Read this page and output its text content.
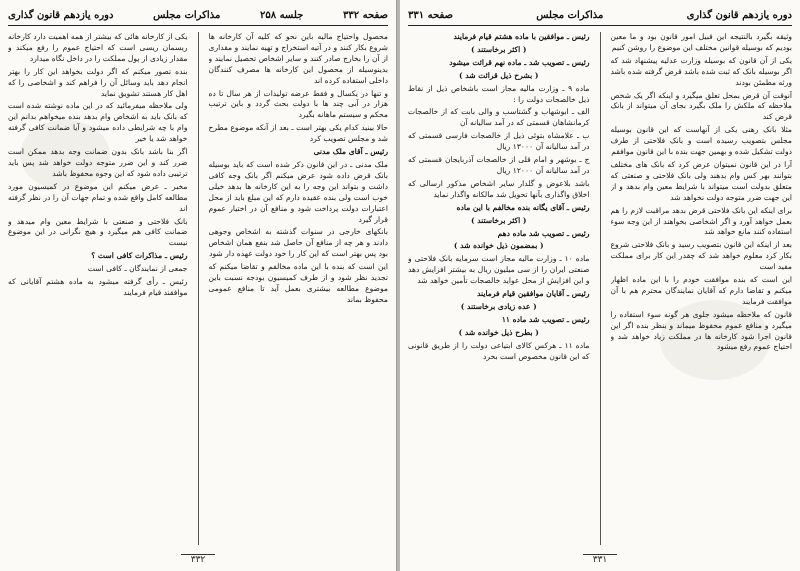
صفحه ۳۳۲
جلسه ۲۵۸
مذاکرات مجلس
دوره یازدهم قانون گذاری

محصول واحتیاج مالیه باین نحو که کلیه آن کارخانه ها شروع بکار کنند و در آتیه استخراج و تهیه نمایند و مقداری از آن را بخارج صادر کنند و سایر اشخاص تحصیل نمایند و بدینوسیله از محصول این کارخانه ها مصرف کنندگان داخلی استفاده کرده اند

و تنها در یکسال و فقط عرضه تولیدات از هر سال تا ده هزار در آبی چند ها با دولت بحث گردد و باین ترتیب محکم و سیستم ماهانه بگیرد

حالا بینید کدام یکی بهتر است ـ بعد از آنکه موضوع مطرح شد و مجلس تصویب کرد

رئیس ـ آقای ملک مدنی

ملک مدنی ـ در این قانون ذکر شده است که باید بوسیله بانک قرض داده شود عرض میکنم اگر بانک وجه کافی داشت و بتواند این وجه را به این کارخانه ها بدهد خیلی خوب است ولی بنده عقیده دارم که این مبلغ باید از محل اعتبارات دولت پرداخت شود و منافع آن در اختیار عموم قرار گیرد

بانکهای خارجی در سنوات گذشته به اشخاص وجوهی دادند و هر چه از منافع آن حاصل شد بنفع همان اشخاص بود پس بهتر است که این کار را خود دولت عهده دار شود

این است که بنده با این ماده مخالفم و تقاضا میکنم که تجدید نظر شود و از طرف کمیسیون بودجه نسبت باین موضوع مطالعه بیشتری بعمل آید تا منافع عمومی محفوظ بماند

یکی از کارخانه هائی که بیشتر از همه اهمیت دارد کارخانه ریسمان ریسی است که احتیاج عموم را رفع میکند و مقدار زیادی از پول مملکت را در داخل نگاه میدارد

بنده تصور میکنم که اگر دولت بخواهد این کار را بهتر انجام دهد باید وسائل آن را فراهم کند و اشخاصی را که اهل کار هستند تشویق نماید

ولی ملاحظه میفرمائید که در این ماده نوشته شده است که بانک باید به اشخاص وام بدهد بنده میخواهم بدانم این وام با چه شرایطی داده میشود و آیا ضمانت کافی گرفته خواهد شد یا خیر

اگر بنا باشد بانک بدون ضمانت وجه بدهد ممکن است ضرر کند و این ضرر متوجه دولت خواهد شد پس باید ترتیبی داده شود که این وجوه محفوظ باشد

مخبر ـ عرض میکنم این موضوع در کمیسیون مورد مطالعه کامل واقع شده و تمام جهات آن را در نظر گرفته اند

بانک فلاحتی و صنعتی با شرایط معین وام میدهد و ضمانت کافی هم میگیرد و هیچ نگرانی در این موضوع نیست

رئیس ـ مذاکرات کافی است ؟

جمعی از نمایندگان ـ کافی است

رئیس ـ رأی گرفته میشود به ماده هشتم آقایانی که موافقند قیام فرمایند

۳۳۲
دوره یازدهم قانون گذاری
مذاکرات مجلس
صفحه ۳۳۱

وثیقه بگیرد بالنتیجه این قبیل امور قانون بود و ما معین بودیم که بوسیله قوانین مختلف این موضوع را روشن کنیم

یکی از آن قانون که بوسیله وزارت عدلیه پیشنهاد شد که اگر بوسیله بانک که ثبت شده باشد قرض گرفته شده باشد ورثه مطمئن بودند

آنوقت آن قرض بمحل تعلق میگیرد و اینکه اگر یک شخص ملاحظه که ملکش را ملک بگیرد بجای آن میتواند از بانک قرض کند

مثلا بانک رهنی یکی از آنهاست که این قانون بوسیله مجلس بتصویب رسیده است و بانک فلاحتی از طرف دولت تشکیل شده و بهمین جهت بنده با این قانون موافقم

آرا در این قانون نمیتوان عرض کرد که بانک های مختلف بتوانند بهر کس وام بدهند ولی بانک فلاحتی و صنعتی که متعلق بدولت است میتواند با شرایط معین وام بدهد و از این جهت ضرر متوجه دولت نخواهد شد

برای اینکه این بانک فلاحتی قرض بدهد مراقبت لازم را هم بعمل خواهد آورد و اگر اشخاصی بخواهند از این وجه سوء استفاده کنند مانع خواهد شد

بعد از اینکه این قانون بتصویب رسید و بانک فلاحتی شروع بکار کرد معلوم خواهد شد که چقدر این کار برای مملکت مفید است

این است که بنده موافقت خودم را با این ماده اظهار میکنم و تقاضا دارم که آقایان نمایندگان محترم هم با آن موافقت فرمایند

قانون که ملاحظه میشود جلوی هر گونه سوء استفاده را میگیرد و منافع عموم محفوظ میماند و بنظر بنده اگر این قانون اجرا شود کارخانه ها در مملکت زیاد خواهد شد و احتیاج عموم رفع میشود

رئیس ـ موافقین با ماده هشتم قیام فرمایند

( اکثر برخاستند )

رئیس ـ تصویب شد ـ ماده نهم قرائت میشود

( بشرح ذیل قرائت شد )

ماده ۹ ـ وزارت مالیه مجاز است باشخاص ذیل از نقاط ذیل خالصجات دولت را :

الف ـ ابوشهاب و گشتاسب و والی بابت که از خالصجات کرمانشاهان قسمتی که در آمد سالیانه آن

ب ـ علامشاه بتوئی ذیل از خالصجات فارسی قسمتی که در آمد سالیانه آن ۱۳۰۰۰ ریال

ج ـ بوشهر و امام قلی از خالصجات آذربایجان قسمتی که در آمد سالیانه آن ۱۲۰۰۰ ریال

باشد بلاعوض و گلدار سایر اشخاص مذکور ارسالی که اخلاق واگذاری بآنها تحویل شد مالکانه واگذار نماید

رئیس ـ آقای یگانه بنده مخالفم با این ماده

( اکثر برخاستند )

رئیس ـ تصویب شد ماده دهم

( بمضمون ذیل خوانده شد )

ماده ۱۰ ـ وزارت مالیه مجاز است سرمایه بانک فلاحتی و صنعتی ایران را از سی میلیون ریال به بیشتر افزایش دهد و این افزایش از محل عواید خالصجات تأمین خواهد شد

رئیس ـ آقایان موافقین قیام فرمایند

( عده زیادی برخاستند )

رئیس ـ تصویب شد ماده ۱۱

( بطرح ذیل خوانده شد )

ماده ۱۱ ـ هرکس کالای ابتیاعی دولت را از طریق قانونی که این قانون مخصوص است بخرد

۳۳۱
